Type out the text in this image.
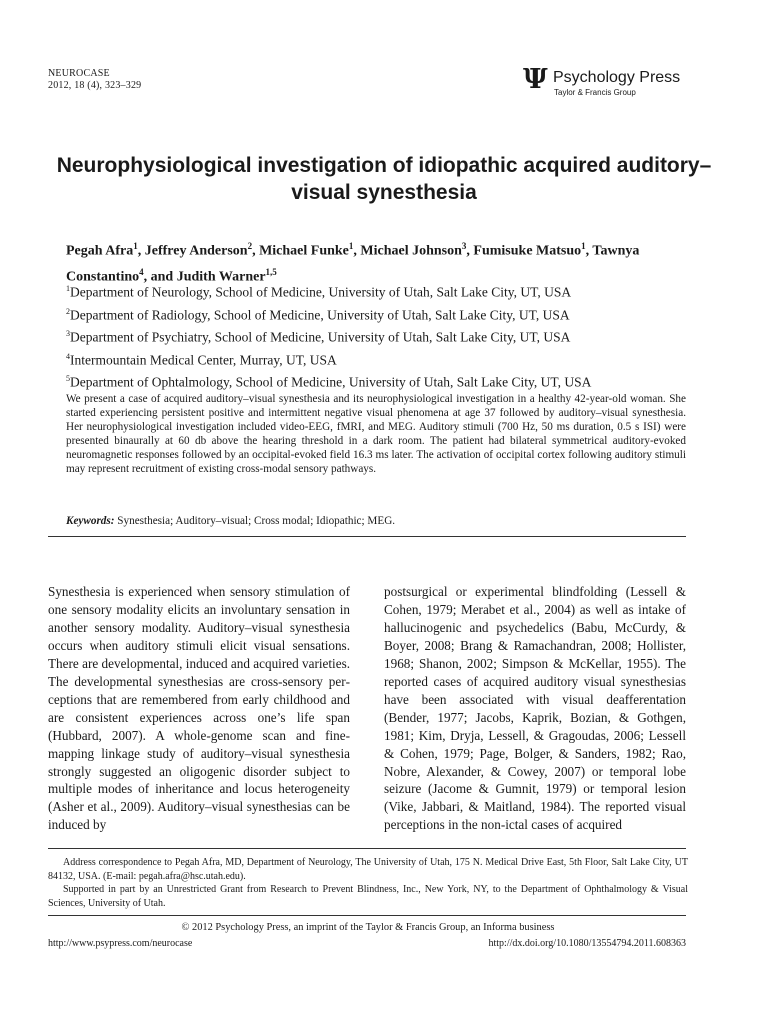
NEUROCASE
2012, 18 (4), 323–329	Ψ Psychology Press
Taylor & Francis Group
Neurophysiological investigation of idiopathic acquired auditory–visual synesthesia
Pegah Afra$^1$, Jeffrey Anderson$^2$, Michael Funke$^1$, Michael Johnson$^3$, Fumisuke Matsuo$^1$, Tawnya Constantino$^4$, and Judith Warner$^{1,5}$
$^1$Department of Neurology, School of Medicine, University of Utah, Salt Lake City, UT, USA
$^2$Department of Radiology, School of Medicine, University of Utah, Salt Lake City, UT, USA
$^3$Department of Psychiatry, School of Medicine, University of Utah, Salt Lake City, UT, USA
$^4$Intermountain Medical Center, Murray, UT, USA
$^5$Department of Ophtalmology, School of Medicine, University of Utah, Salt Lake City, UT, USA
We present a case of acquired auditory–visual synesthesia and its neurophysiological investigation in a healthy 42-year-old woman. She started experiencing persistent positive and intermittent negative visual phenomena at age 37 followed by auditory–visual synesthesia. Her neurophysiological investigation included video-EEG, fMRI, and MEG. Auditory stimuli (700 Hz, 50 ms duration, 0.5 s ISI) were presented binaurally at 60 db above the hearing threshold in a dark room. The patient had bilateral symmetrical auditory-evoked neuromagnetic responses followed by an occipital-evoked field 16.3 ms later. The activation of occipital cortex following auditory stimuli may represent recruitment of existing cross-modal sensory pathways.
Keywords: Synesthesia; Auditory–visual; Cross modal; Idiopathic; MEG.

Synesthesia is experienced when sensory stimulation of one sensory modality elicits an involuntary sensation in another sensory modality. Auditory–visual synesthesia occurs when auditory stimuli elicit visual sensations. There are developmental, induced and acquired varieties. The developmental synesthesias are cross-sensory perceptions that are remembered from early childhood and are consistent experiences across one’s life span (Hubbard, 2007). A whole-genome scan and fine-mapping linkage study of auditory–visual synesthesia strongly suggested an oligogenic disorder subject to multiple modes of inheritance and locus heterogeneity (Asher et al., 2009). Auditory–visual synesthesias can be induced by

postsurgical or experimental blindfolding (Lessell & Cohen, 1979; Merabet et al., 2004) as well as intake of hallucinogenic and psychedelics (Babu, McCurdy, & Boyer, 2008; Brang & Ramachandran, 2008; Hollister, 1968; Shanon, 2002; Simpson & McKellar, 1955). The reported cases of acquired auditory visual synesthesias have been associated with visual deafferentation (Bender, 1977; Jacobs, Kaprik, Bozian, & Gothgen, 1981; Kim, Dryja, Lessell, & Gragoudas, 2006; Lessell & Cohen, 1979; Page, Bolger, & Sanders, 1982; Rao, Nobre, Alexander, & Cowey, 2007) or temporal lobe seizure (Jacome & Gumnit, 1979) or temporal lesion (Vike, Jabbari, & Maitland, 1984). The reported visual perceptions in the non-ictal cases of acquired

Address correspondence to Pegah Afra, MD, Department of Neurology, The University of Utah, 175 N. Medical Drive East, 5th Floor, Salt Lake City, UT 84132, USA. (E-mail: pegah.afra@hsc.utah.edu).

Supported in part by an Unrestricted Grant from Research to Prevent Blindness, Inc., New York, NY, to the Department of Ophthalmology & Visual Sciences, University of Utah.

© 2012 Psychology Press, an imprint of the Taylor & Francis Group, an Informa business
http://www.psypress.com/neurocase	http://dx.doi.org/10.1080/13554794.2011.608363
